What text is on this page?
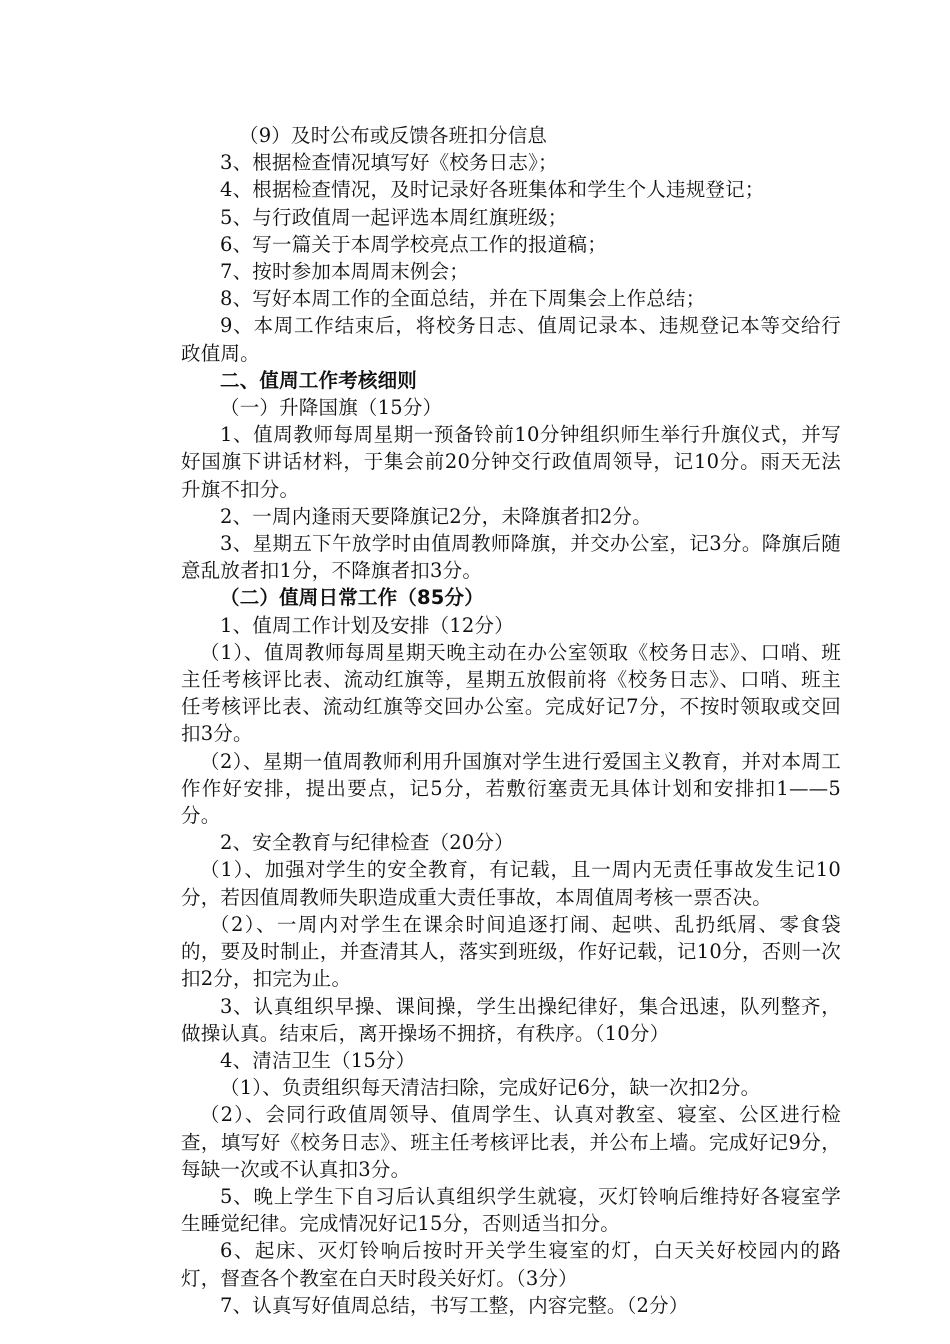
（9）及时公布或反馈各班扣分信息

3、根据检查情况填写好《校务日志》；

4、根据检查情况，及时记录好各班集体和学生个人违规登记；

5、与行政值周一起评选本周红旗班级；

6、写一篇关于本周学校亮点工作的报道稿；

7、按时参加本周周末例会；

8、写好本周工作的全面总结，并在下周集会上作总结；

9、本周工作结束后，将校务日志、值周记录本、违规登记本等交给行政值周。

二、值周工作考核细则

（一）升降国旗（15分）

1、值周教师每周星期一预备铃前10分钟组织师生举行升旗仪式，并写好国旗下讲话材料，于集会前20分钟交行政值周领导，记10分。雨天无法升旗不扣分。

2、一周内逢雨天要降旗记2分，未降旗者扣2分。

3、星期五下午放学时由值周教师降旗，并交办公室，记3分。降旗后随意乱放者扣1分，不降旗者扣3分。

（二）值周日常工作（85分）

1、值周工作计划及安排（12分）

（1）、值周教师每周星期天晚主动在办公室领取《校务日志》、口哨、班主任考核评比表、流动红旗等，星期五放假前将《校务日志》、口哨、班主任考核评比表、流动红旗等交回办公室。完成好记7分，不按时领取或交回扣3分。

（2）、星期一值周教师利用升国旗对学生进行爱国主义教育，并对本周工作作好安排，提出要点，记5分，若敷衍塞责无具体计划和安排扣1——5分。

2、安全教育与纪律检查（20分）

（1）、加强对学生的安全教育，有记载，且一周内无责任事故发生记10分，若因值周教师失职造成重大责任事故，本周值周考核一票否决。

（2）、一周内对学生在课余时间追逐打闹、起哄、乱扔纸屑、零食袋的，要及时制止，并查清其人，落实到班级，作好记载，记10分，否则一次扣2分，扣完为止。

3、认真组织早操、课间操，学生出操纪律好，集合迅速，队列整齐，做操认真。结束后，离开操场不拥挤，有秩序。（10分）

4、清洁卫生（15分）

（1）、负责组织每天清洁扫除，完成好记6分，缺一次扣2分。

（2）、会同行政值周领导、值周学生、认真对教室、寝室、公区进行检查，填写好《校务日志》、班主任考核评比表，并公布上墙。完成好记9分，每缺一次或不认真扣3分。

5、晚上学生下自习后认真组织学生就寝，灭灯铃响后维持好各寝室学生睡觉纪律。完成情况好记15分，否则适当扣分。

6、起床、灭灯铃响后按时开关学生寝室的灯，白天关好校园内的路灯，督查各个教室在白天时段关好灯。（3分）

7、认真写好值周总结，书写工整，内容完整。（2分）
